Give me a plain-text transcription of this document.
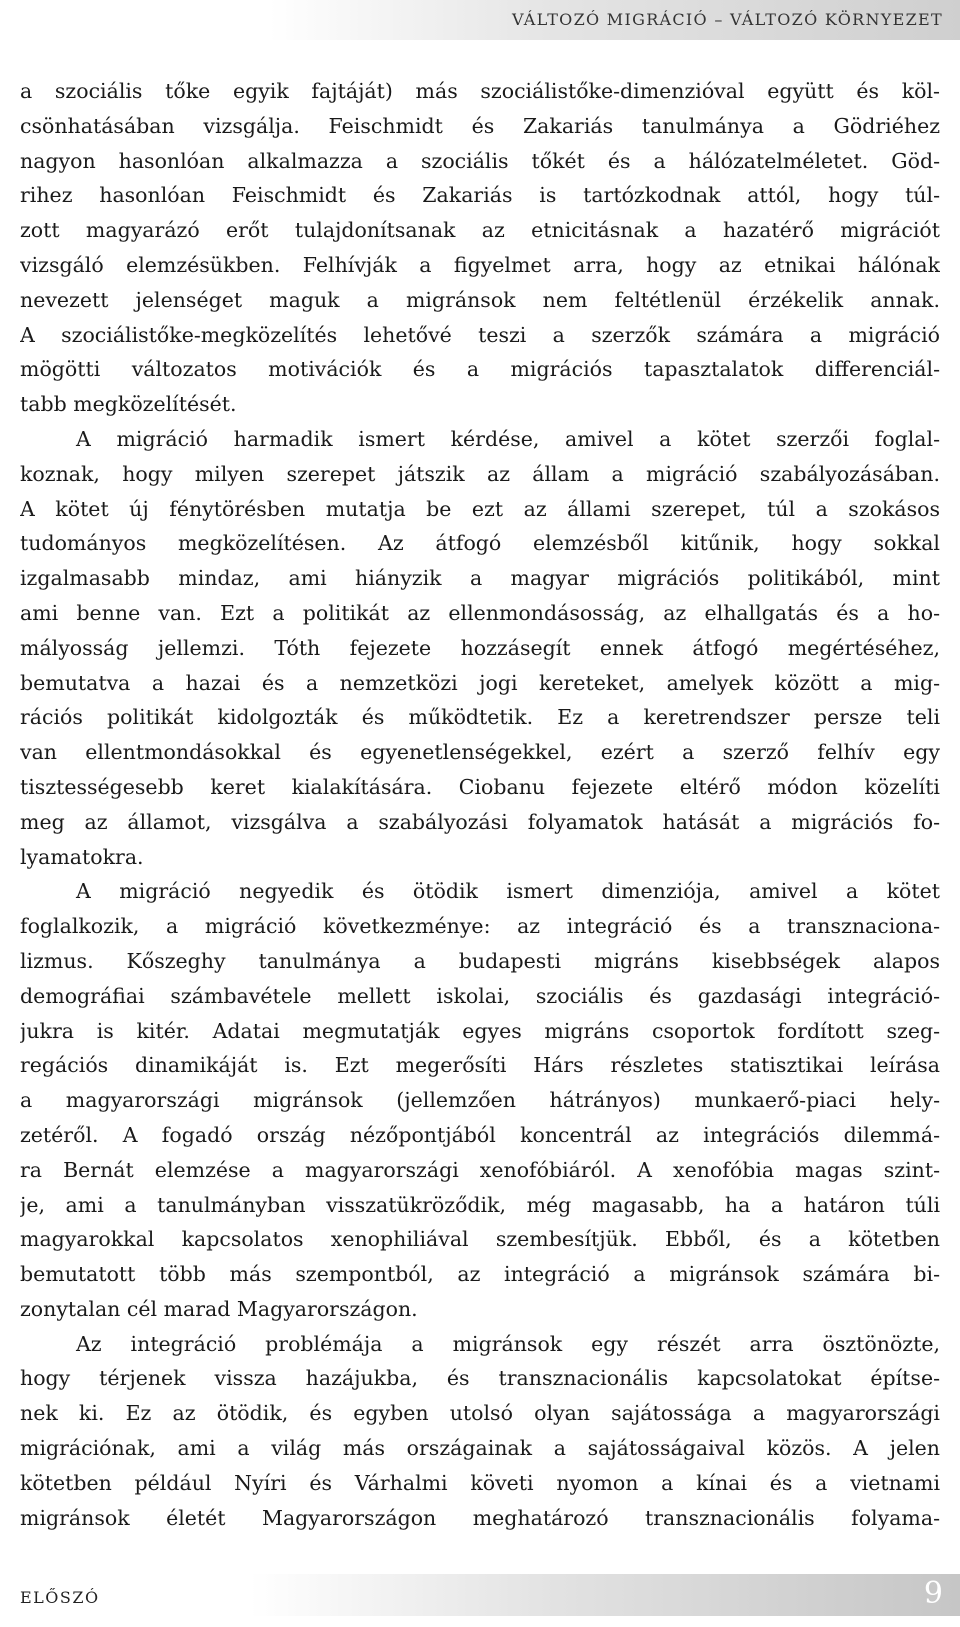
VÁLTOZÓ MIGRÁCIÓ – VÁLTOZÓ KÖRNYEZET
a szociális tőke egyik fajtáját) más szociálistőke-dimenzióval együtt és köl-
csönhatásában vizsgálja. Feischmidt és Zakariás tanulmánya a Gödriéhez
nagyon hasonlóan alkalmazza a szociális tőkét és a hálózatelméletet. Göd-
rihez hasonlóan Feischmidt és Zakariás is tartózkodnak attól, hogy túl-
zott magyarázó erőt tulajdonítsanak az etnicitásnak a hazatérő migrációt
vizsgáló elemzésükben. Felhívják a figyelmet arra, hogy az etnikai hálónak
nevezett jelenséget maguk a migránsok nem feltétlenül érzékelik annak.
A szociálistőke-megközelítés lehetővé teszi a szerzők számára a migráció
mögötti változatos motivációk és a migrációs tapasztalatok differenciál-
tabb megközelítését.
A migráció harmadik ismert kérdése, amivel a kötet szerzői foglal-
koznak, hogy milyen szerepet játszik az állam a migráció szabályozásában.
A kötet új fénytörésben mutatja be ezt az állami szerepet, túl a szokásos
tudományos megközelítésen. Az átfogó elemzésből kitűnik, hogy sokkal
izgalmasabb mindaz, ami hiányzik a magyar migrációs politikából, mint
ami benne van. Ezt a politikát az ellenmondásosság, az elhallgatás és a ho-
mályosság jellemzi. Tóth fejezete hozzásegít ennek átfogó megértéséhez,
bemutatva a hazai és a nemzetközi jogi kereteket, amelyek között a mig-
rációs politikát kidolgozták és működtetik. Ez a keretrendszer persze teli
van ellentmondásokkal és egyenetlenségekkel, ezért a szerző felhív egy
tisztességesebb keret kialakítására. Ciobanu fejezete eltérő módon közelíti
meg az államot, vizsgálva a szabályozási folyamatok hatását a migrációs fo-
lyamatokra.
A migráció negyedik és ötödik ismert dimenziója, amivel a kötet
foglalkozik, a migráció következménye: az integráció és a transznaciona-
lizmus. Kőszeghy tanulmánya a budapesti migráns kisebbségek alapos
demográfiai számbavétele mellett iskolai, szociális és gazdasági integráció-
jukra is kitér. Adatai megmutatják egyes migráns csoportok fordított szeg-
regációs dinamikáját is. Ezt megerősíti Hárs részletes statisztikai leírása
a magyarországi migránsok (jellemzően hátrányos) munkaerő-piaci hely-
zetéről. A fogadó ország nézőpontjából koncentrál az integrációs dilemmá-
ra Bernát elemzése a magyarországi xenofóbiáról. A xenofóbia magas szint-
je, ami a tanulmányban visszatükröződik, még magasabb, ha a határon túli
magyarokkal kapcsolatos xenophiliával szembesítjük. Ebből, és a kötetben
bemutatott több más szempontból, az integráció a migránsok számára bi-
zonytalan cél marad Magyarországon.
Az integráció problémája a migránsok egy részét arra ösztönözte,
hogy térjenek vissza hazájukba, és transznacionális kapcsolatokat építse-
nek ki. Ez az ötödik, és egyben utolsó olyan sajátossága a magyarországi
migrációnak, ami a világ más országainak a sajátosságaival közös. A jelen
kötetben például Nyíri és Várhalmi követi nyomon a kínai és a vietnami
migránsok életét Magyarországon meghatározó transznacionális folyama-
ELŐSZÓ	9
